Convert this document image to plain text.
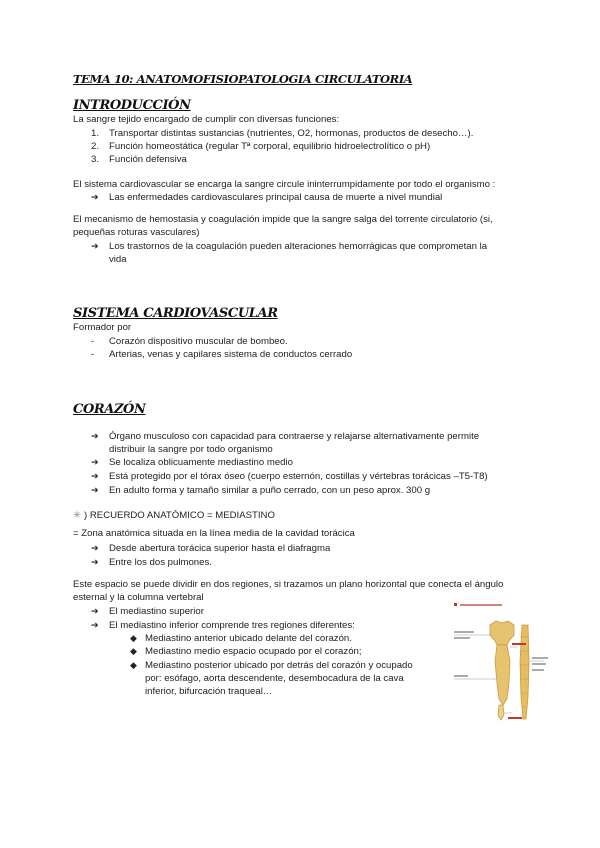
TEMA 10: ANATOMOFISIOPATOLOGIA CIRCULATORIA
INTRODUCCIÓN
La sangre tejido encargado de cumplir con diversas funciones:
1. Transportar distintas sustancias (nutrientes, O2, hormonas, productos de desecho…).
2. Función homeostática (regular Tª corporal, equilibrio hidroelectrolítico o pH)
3. Función defensiva
El sistema cardiovascular se encarga la sangre circule ininterrumpidamente por todo el organismo :
➔ Las enfermedades cardiovasculares principal causa de muerte a nivel mundial
El mecanismo de hemostasia y coagulación impide que la sangre salga del torrente circulatorio (si,
pequeñas roturas vasculares)
➔ Los trastornos de la coagulación pueden alteraciones hemorrágicas que comprometan la
vida
SISTEMA CARDIOVASCULAR
Formador por
- Corazón dispositivo muscular de bombeo.
- Arterias, venas y capilares sistema de conductos cerrado
CORAZÓN
➔ Órgano musculoso con capacidad para contraerse y relajarse alternativamente permite
distribuir la sangre por todo organismo
➔ Se localiza oblicuamente mediastino medio
➔ Está protegido por el tórax óseo (cuerpo esternón, costillas y vértebras torácicas –T5-T8)
➔ En adulto forma y tamaño similar a puño cerrado, con un peso aprox. 300 g
✳ ) RECUERDO ANATÓMICO = MEDIASTINO
= Zona anatómica situada en la línea media de la cavidad torácica
➔ Desde abertura torácica superior hasta el diafragma
➔ Entre los dos pulmones.
Este espacio se puede dividir en dos regiones, si trazamos un plano horizontal que conecta el ángulo
esternal y la columna vertebral
➔ El mediastino superior
➔ El mediastino inferior comprende tres regiones diferentes:
◆ Mediastino anterior ubicado delante del corazón.
◆ Mediastino medio espacio ocupado por el corazón;
◆ Mediastino posterior ubicado por detrás del corazón y ocupado
por: esófago, aorta descendente, desembocadura de la cava
inferior, bifurcación traqueal…
